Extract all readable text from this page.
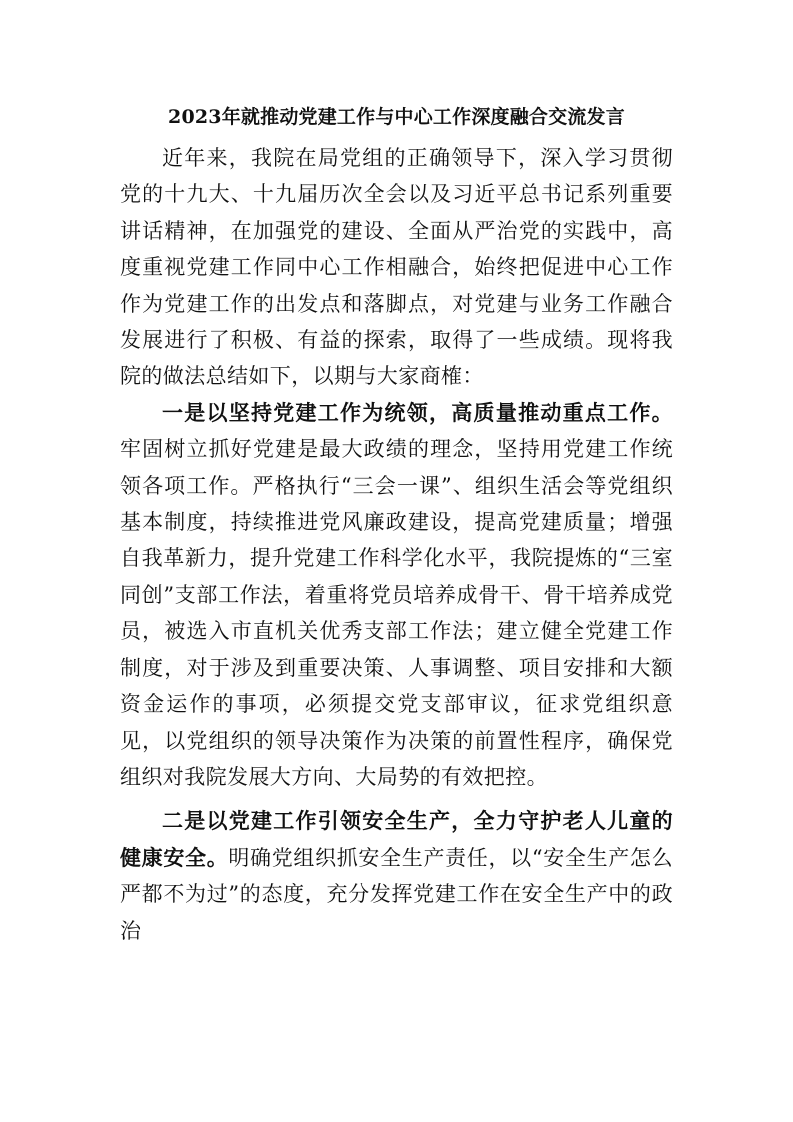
2023年就推动党建工作与中心工作深度融合交流发言

近年来，我院在局党组的正确领导下，深入学习贯彻党的十九大、十九届历次全会以及习近平总书记系列重要讲话精神，在加强党的建设、全面从严治党的实践中，高度重视党建工作同中心工作相融合，始终把促进中心工作作为党建工作的出发点和落脚点，对党建与业务工作融合发展进行了积极、有益的探索，取得了一些成绩。现将我院的做法总结如下，以期与大家商榷：

一是以坚持党建工作为统领，高质量推动重点工作。牢固树立抓好党建是最大政绩的理念，坚持用党建工作统领各项工作。严格执行“三会一课”、组织生活会等党组织基本制度，持续推进党风廉政建设，提高党建质量；增强自我革新力，提升党建工作科学化水平，我院提炼的“三室同创”支部工作法，着重将党员培养成骨干、骨干培养成党员，被选入市直机关优秀支部工作法；建立健全党建工作制度，对于涉及到重要决策、人事调整、项目安排和大额资金运作的事项，必须提交党支部审议，征求党组织意见，以党组织的领导决策作为决策的前置性程序，确保党组织对我院发展大方向、大局势的有效把控。

二是以党建工作引领安全生产，全力守护老人儿童的健康安全。明确党组织抓安全生产责任，以“安全生产怎么严都不为过”的态度，充分发挥党建工作在安全生产中的政治
